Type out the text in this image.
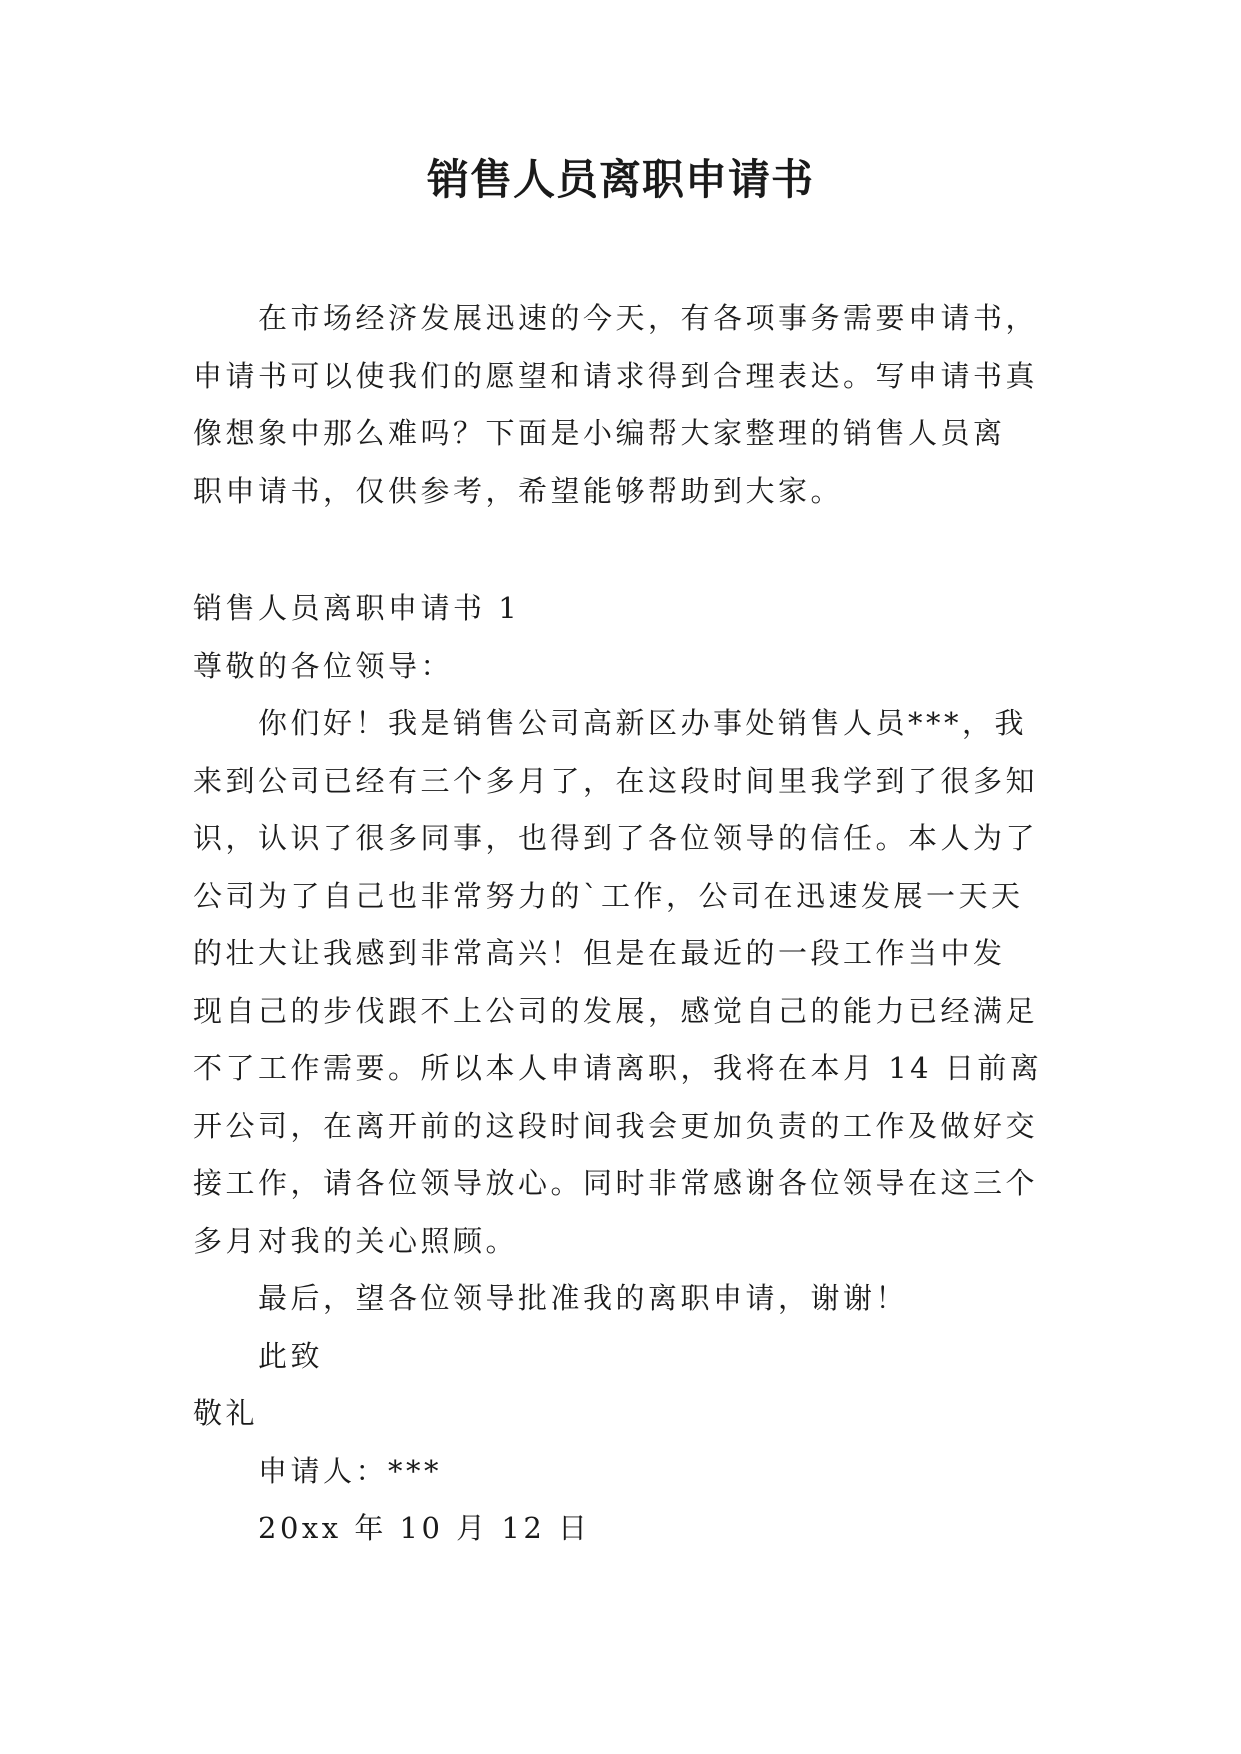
销售人员离职申请书
在市场经济发展迅速的今天，有各项事务需要申请书，
申请书可以使我们的愿望和请求得到合理表达。写申请书真
像想象中那么难吗？下面是小编帮大家整理的销售人员离
职申请书，仅供参考，希望能够帮助到大家。
销售人员离职申请书 1
尊敬的各位领导：
你们好！我是销售公司高新区办事处销售人员***，我
来到公司已经有三个多月了，在这段时间里我学到了很多知
识，认识了很多同事，也得到了各位领导的信任。本人为了
公司为了自己也非常努力的`工作，公司在迅速发展一天天
的壮大让我感到非常高兴！但是在最近的一段工作当中发
现自己的步伐跟不上公司的发展，感觉自己的能力已经满足
不了工作需要。所以本人申请离职，我将在本月 14 日前离
开公司，在离开前的这段时间我会更加负责的工作及做好交
接工作，请各位领导放心。同时非常感谢各位领导在这三个
多月对我的关心照顾。
最后，望各位领导批准我的离职申请，谢谢！
此致
敬礼
申请人：***
20xx 年 10 月 12 日
